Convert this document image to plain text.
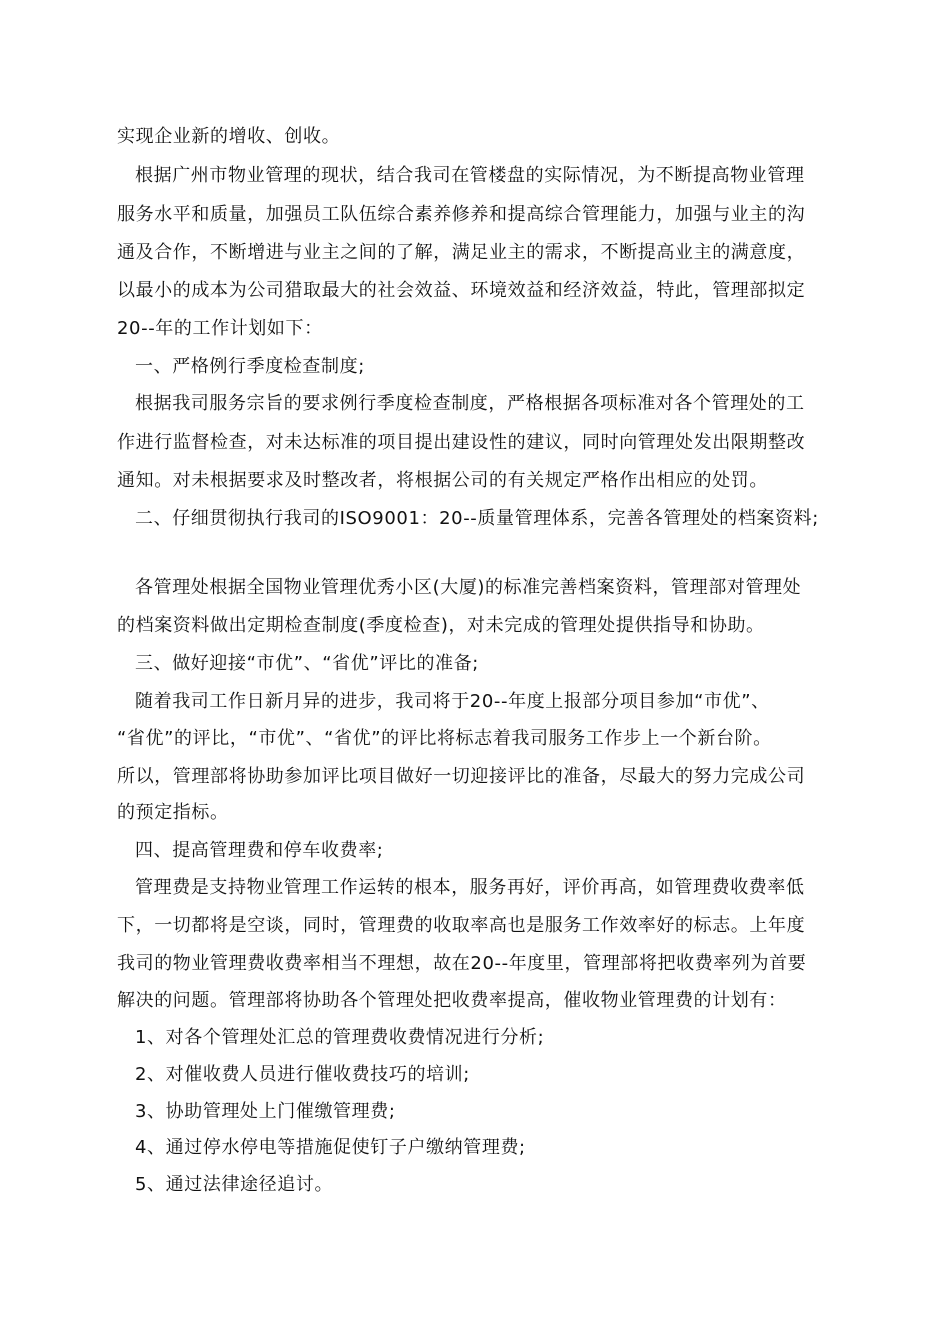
实现企业新的增收、创收。
根据广州市物业管理的现状，结合我司在管楼盘的实际情况，为不断提高物业管理
服务水平和质量，加强员工队伍综合素养修养和提高综合管理能力，加强与业主的沟
通及合作，不断增进与业主之间的了解，满足业主的需求，不断提高业主的满意度，
以最小的成本为公司猎取最大的社会效益、环境效益和经济效益，特此，管理部拟定
20--年的工作计划如下：
一、严格例行季度检查制度;
根据我司服务宗旨的要求例行季度检查制度，严格根据各项标准对各个管理处的工
作进行监督检查，对未达标准的项目提出建设性的建议，同时向管理处发出限期整改
通知。对未根据要求及时整改者，将根据公司的有关规定严格作出相应的处罚。
二、仔细贯彻执行我司的ISO9001：20--质量管理体系，完善各管理处的档案资料;
各管理处根据全国物业管理优秀小区(大厦)的标准完善档案资料，管理部对管理处
的档案资料做出定期检查制度(季度检查)，对未完成的管理处提供指导和协助。
三、做好迎接“市优”、“省优”评比的准备;
随着我司工作日新月异的进步，我司将于20--年度上报部分项目参加“市优”、
“省优”的评比，“市优”、“省优”的评比将标志着我司服务工作步上一个新台阶。
所以，管理部将协助参加评比项目做好一切迎接评比的准备，尽最大的努力完成公司
的预定指标。
四、提高管理费和停车收费率;
管理费是支持物业管理工作运转的根本，服务再好，评价再高，如管理费收费率低
下，一切都将是空谈，同时，管理费的收取率高也是服务工作效率好的标志。上年度
我司的物业管理费收费率相当不理想，故在20--年度里，管理部将把收费率列为首要
解决的问题。管理部将协助各个管理处把收费率提高，催收物业管理费的计划有：
1、对各个管理处汇总的管理费收费情况进行分析;
2、对催收费人员进行催收费技巧的培训;
3、协助管理处上门催缴管理费;
4、通过停水停电等措施促使钉子户缴纳管理费;
5、通过法律途径追讨。
